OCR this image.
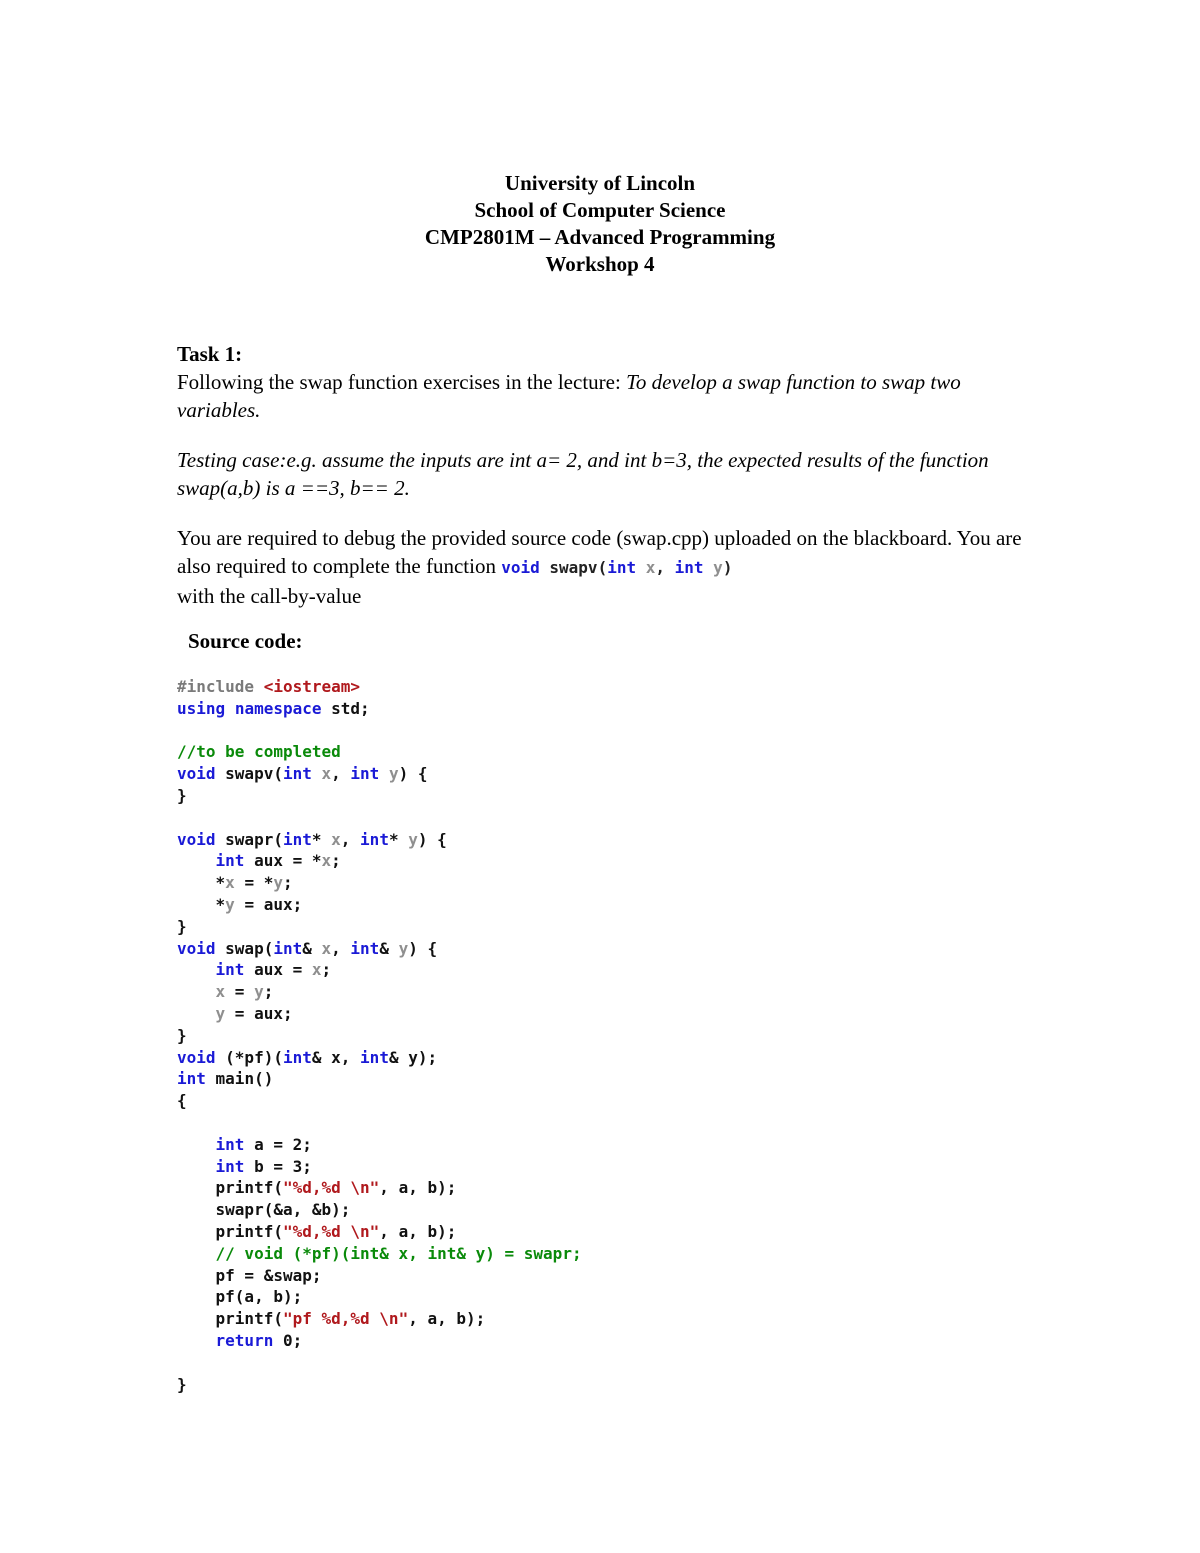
University of Lincoln
School of Computer Science
CMP2801M – Advanced Programming
Workshop 4
Task 1:

Following the swap function exercises in the lecture: To develop a swap function to swap two variables.

Testing case:e.g. assume the inputs are int a= 2, and int b=3, the expected results of the function swap(a,b) is a ==3, b== 2.

You are required to debug the provided source code (swap.cpp) uploaded on the blackboard. You are also required to complete the function void swapv(int x, int y)
with the call-by-value

Source code:
#include <iostream>
using namespace std;

//to be completed
void swapv(int x, int y) {
}

void swapr(int* x, int* y) {
int aux = *x;
*x = *y;
*y = aux;
}
void swap(int& x, int& y) {
int aux = x;
x = y;
y = aux;
}
void (*pf)(int& x, int& y);
int main()
{

int a = 2;
int b = 3;
printf("%d,%d \n", a, b);
swapr(&a, &b);
printf("%d,%d \n", a, b);
// void (*pf)(int& x, int& y) = swapr;
pf = &swap;
pf(a, b);
printf("pf %d,%d \n", a, b);
return 0;

}
